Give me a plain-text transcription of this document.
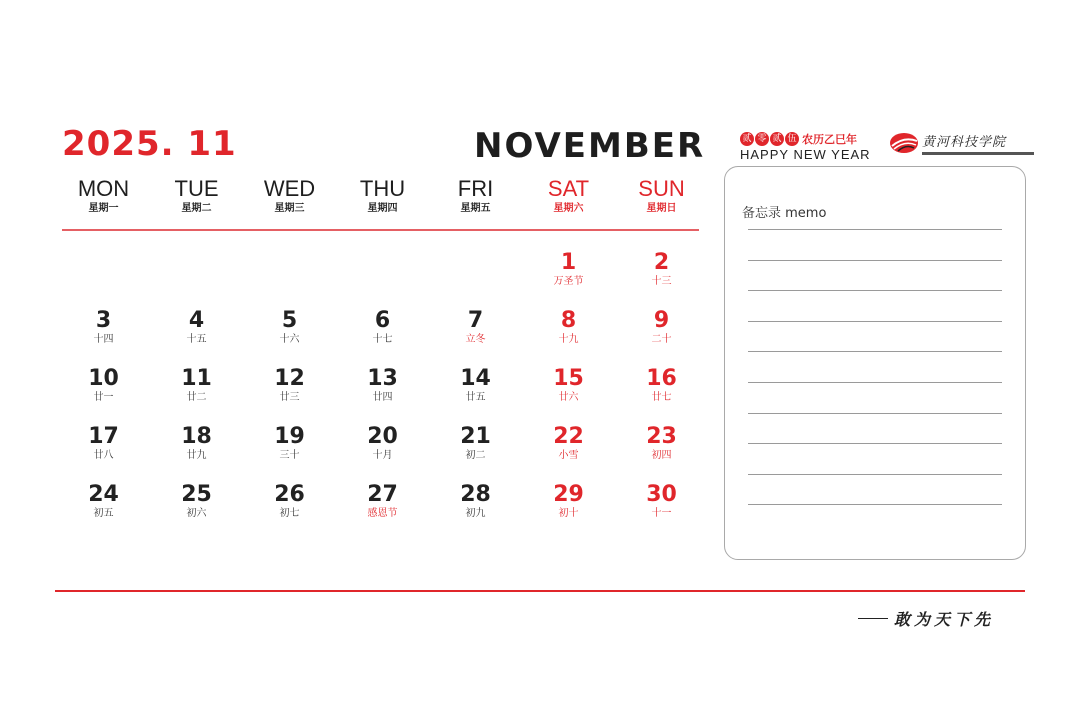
2025. 11	NOVEMBER	贰 零 贰 伍 农历乙巳年
HAPPY NEW YEAR
黄河科技学院
MON
星期一
TUE
星期二
WED
星期三
THU
星期四
FRI
星期五
SAT
星期六
SUN
星期日
1
万圣节
2
十三
3
十四
4
十五
5
十六
6
十七
7
立冬
8
十九
9
二十
10
廿一
11
廿二
12
廿三
13
廿四
14
廿五
15
廿六
16
廿七
17
廿八
18
廿九
19
三十
20
十月
21
初二
22
小雪
23
初四
24
初五
25
初六
26
初七
27
感恩节
28
初九
29
初十
30
十一
备忘录 memo
敢为天下先
